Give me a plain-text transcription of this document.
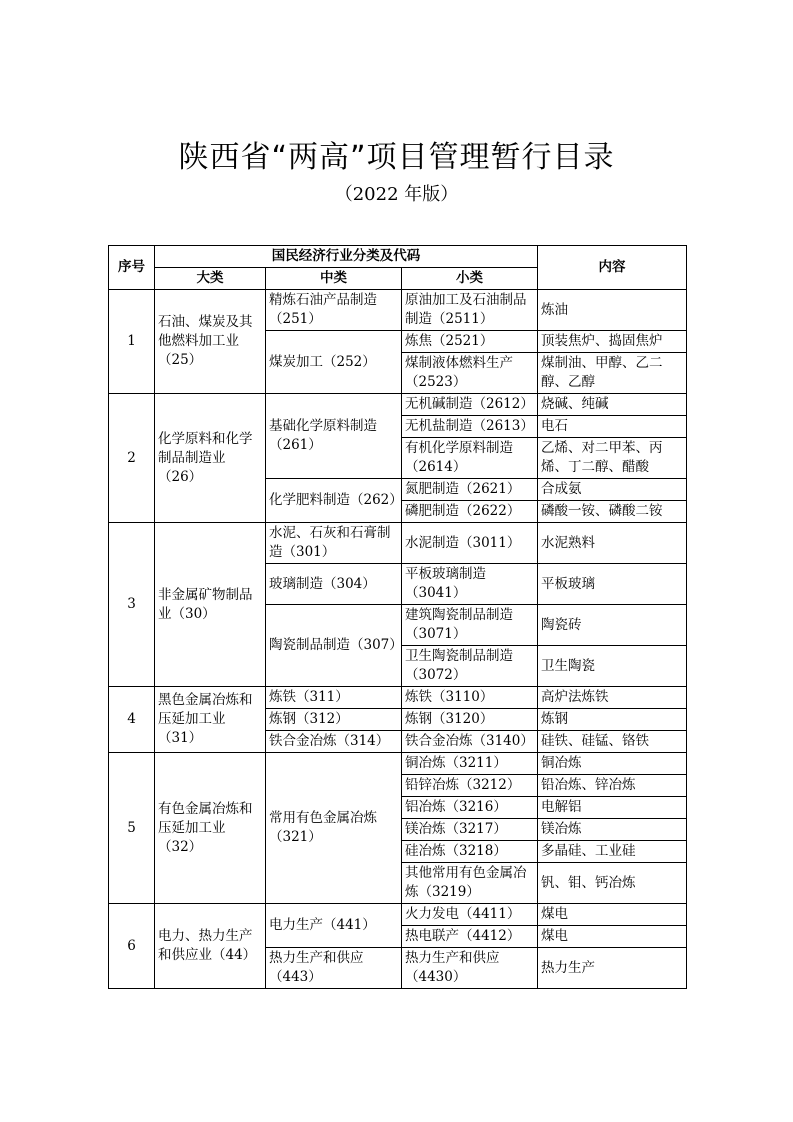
陕西省“两高”项目管理暂行目录
（2022 年版）
序号	国民经济行业分类及代码			内容
	大类	中类	小类	
1	石油、煤炭及其他燃料加工业（25）	精炼石油产品制造（251）	原油加工及石油制品制造（2511）	炼油
		煤炭加工（252）	炼焦（2521）	顶装焦炉、捣固焦炉
			煤制液体燃料生产（2523）	煤制油、甲醇、乙二醇、乙醇
2	化学原料和化学制品制造业（26）	基础化学原料制造（261）	无机碱制造（2612）	烧碱、纯碱
			无机盐制造（2613）	电石
			有机化学原料制造（2614）	乙烯、对二甲苯、丙烯、丁二醇、醋酸
		化学肥料制造（262）	氮肥制造（2621）	合成氨
			磷肥制造（2622）	磷酸一铵、磷酸二铵
3	非金属矿物制品业（30）	水泥、石灰和石膏制造（301）	水泥制造（3011）	水泥熟料
		玻璃制造（304）	平板玻璃制造（3041）	平板玻璃
		陶瓷制品制造（307）	建筑陶瓷制品制造（3071）	陶瓷砖
			卫生陶瓷制品制造（3072）	卫生陶瓷
4	黑色金属冶炼和压延加工业（31）	炼铁（311）	炼铁（3110）	高炉法炼铁
		炼钢（312）	炼钢（3120）	炼钢
		铁合金冶炼（314）	铁合金冶炼（3140）	硅铁、硅锰、铬铁
5	有色金属冶炼和压延加工业（32）	常用有色金属冶炼（321）	铜冶炼（3211）	铜冶炼
			铅锌冶炼（3212）	铅冶炼、锌冶炼
			铝冶炼（3216）	电解铝
			镁冶炼（3217）	镁冶炼
			硅冶炼（3218）	多晶硅、工业硅
			其他常用有色金属冶炼（3219）	钒、钼、钙冶炼
6	电力、热力生产和供应业（44）	电力生产（441）	火力发电（4411）	煤电
			热电联产（4412）	煤电
		热力生产和供应（443）	热力生产和供应（4430）	热力生产
